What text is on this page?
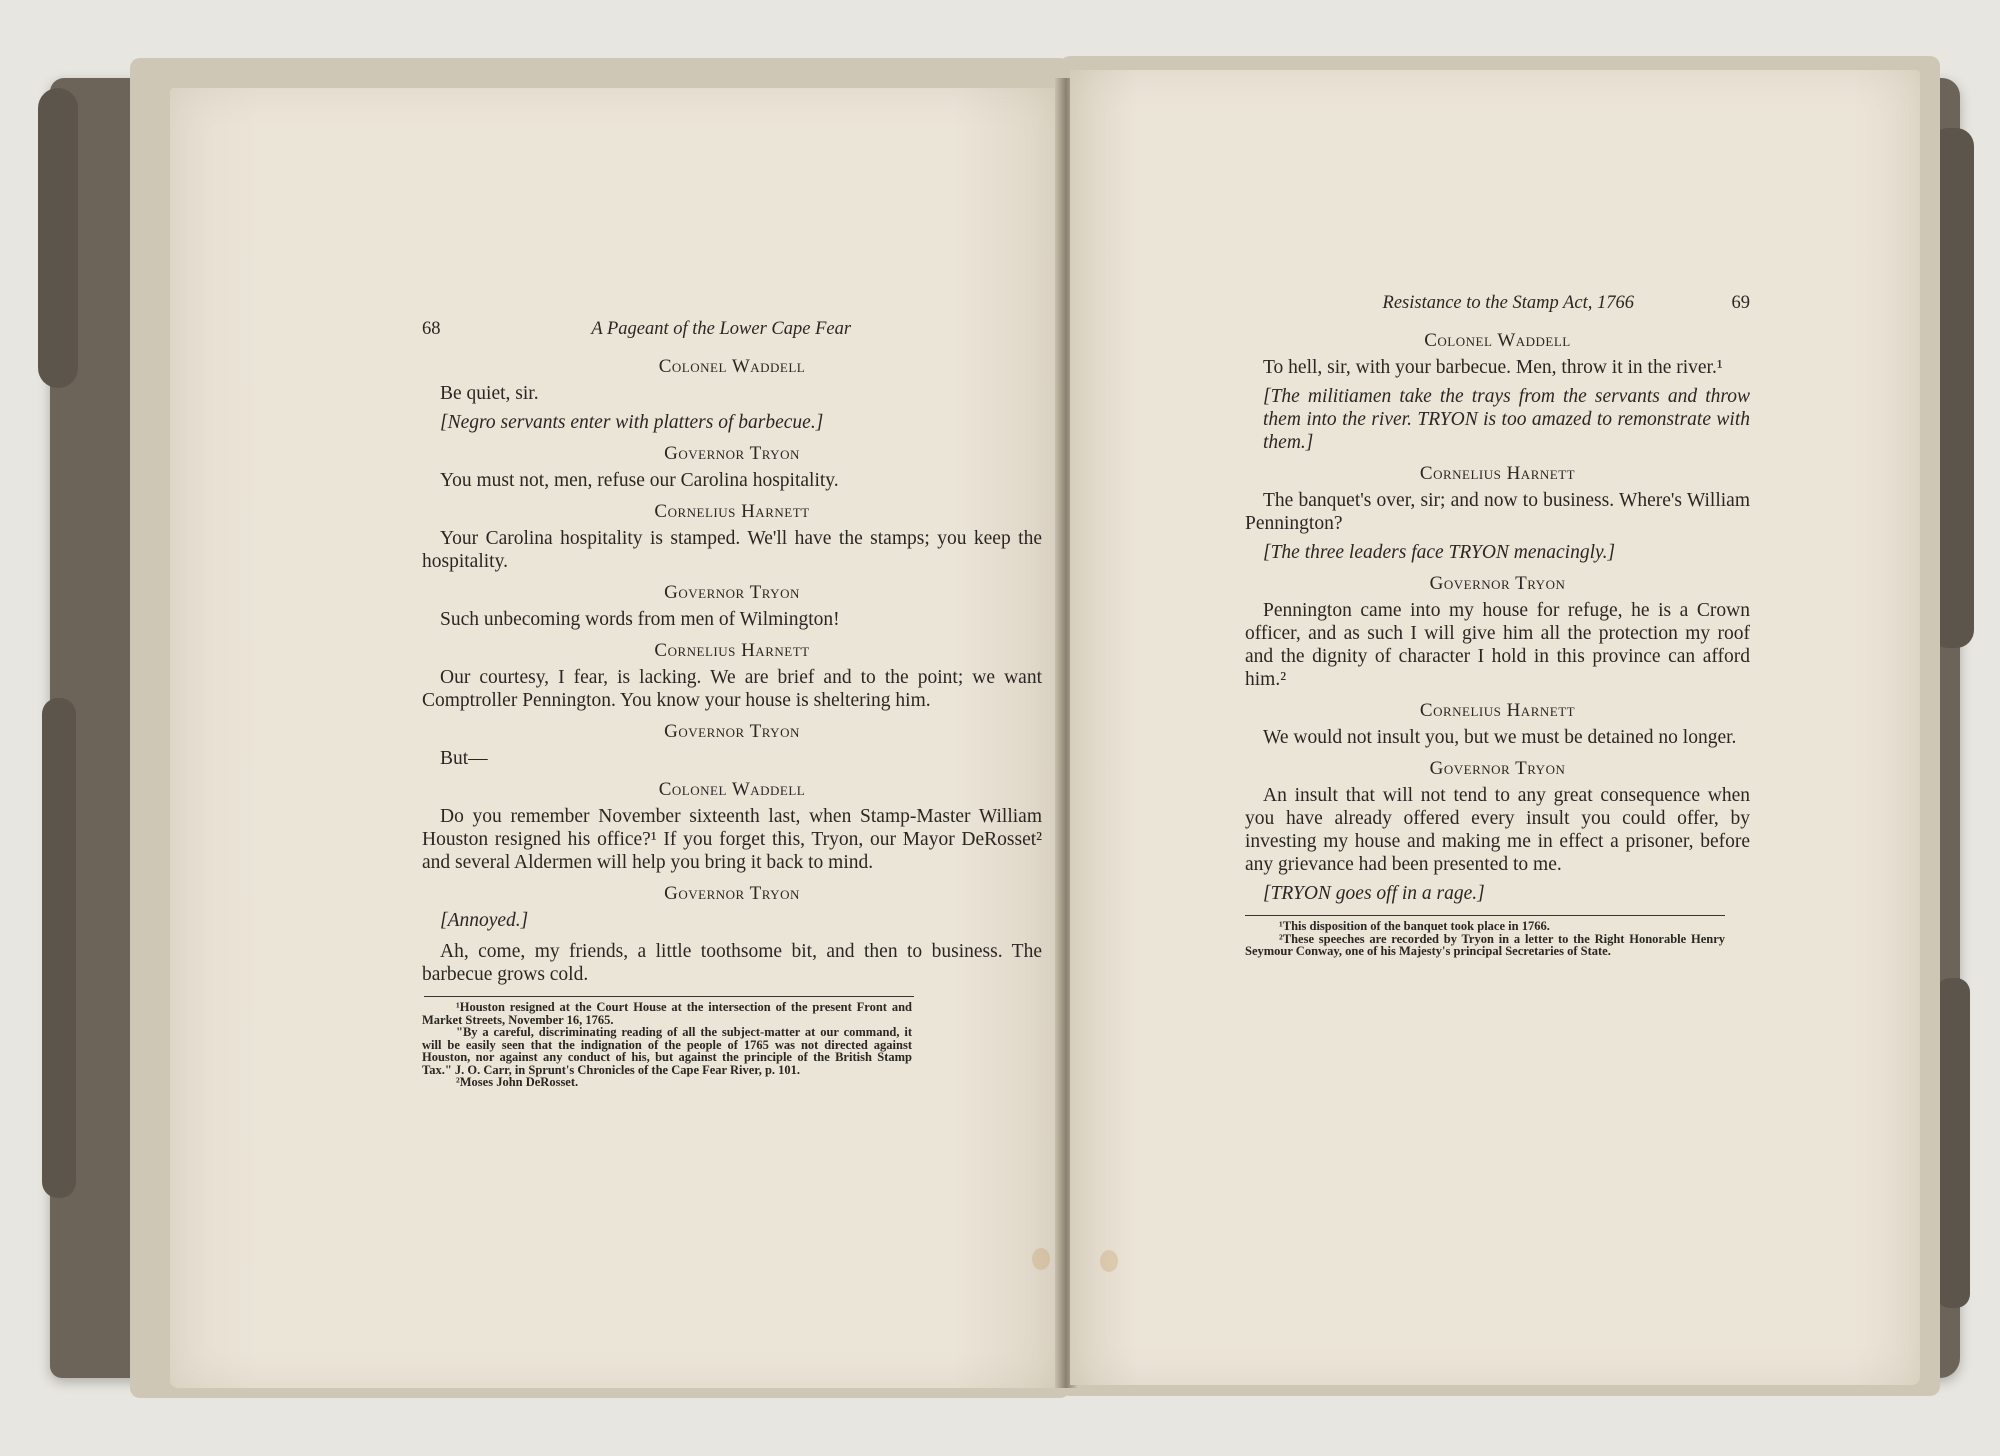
68	A Pageant of the Lower Cape Fear
Colonel Waddell
Be quiet, sir.
[Negro servants enter with platters of barbecue.]
Governor Tryon
You must not, men, refuse our Carolina hospitality.
Cornelius Harnett
Your Carolina hospitality is stamped. We'll have the stamps; you keep the hospitality.
Governor Tryon
Such unbecoming words from men of Wilmington!
Cornelius Harnett
Our courtesy, I fear, is lacking. We are brief and to the point; we want Comptroller Pennington. You know your house is sheltering him.
Governor Tryon
But—
Colonel Waddell
Do you remember November sixteenth last, when Stamp-Master William Houston resigned his office?¹ If you forget this, Tryon, our Mayor DeRosset² and several Aldermen will help you bring it back to mind.
Governor Tryon
[Annoyed.]
Ah, come, my friends, a little toothsome bit, and then to business. The barbecue grows cold.

¹Houston resigned at the Court House at the intersection of the present Front and Market Streets, November 16, 1765.

"By a careful, discriminating reading of all the subject-matter at our command, it will be easily seen that the indignation of the people of 1765 was not directed against Houston, nor against any conduct of his, but against the principle of the British Stamp Tax." J. O. Carr, in Sprunt's Chronicles of the Cape Fear River, p. 101.

²Moses John DeRosset.

Resistance to the Stamp Act, 1766	69
Colonel Waddell
To hell, sir, with your barbecue. Men, throw it in the river.¹
[The militiamen take the trays from the servants and throw them into the river. TRYON is too amazed to remonstrate with them.]
Cornelius Harnett
The banquet's over, sir; and now to business. Where's William Pennington?
[The three leaders face TRYON menacingly.]
Governor Tryon
Pennington came into my house for refuge, he is a Crown officer, and as such I will give him all the protection my roof and the dignity of character I hold in this province can afford him.²
Cornelius Harnett
We would not insult you, but we must be detained no longer.
Governor Tryon
An insult that will not tend to any great consequence when you have already offered every insult you could offer, by investing my house and making me in effect a prisoner, before any grievance had been presented to me.
[TRYON goes off in a rage.]

¹This disposition of the banquet took place in 1766.

²These speeches are recorded by Tryon in a letter to the Right Honorable Henry Seymour Conway, one of his Majesty's principal Secretaries of State.
